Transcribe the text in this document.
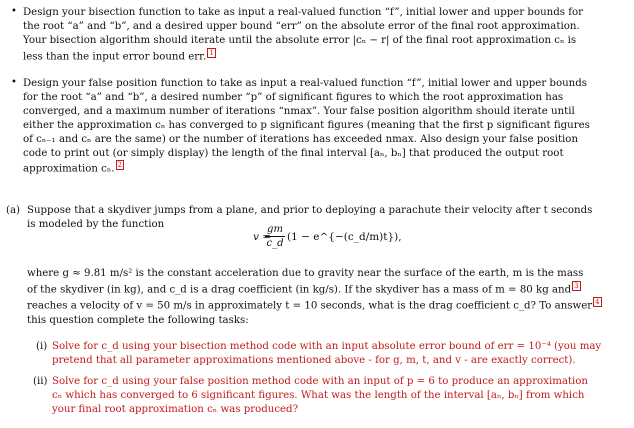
• Design your bisection function to take as input a real-valued function “f”, initial lower and upper bounds for
the root “a” and “b”, and a desired upper bound “err” on the absolute error of the final root approximation.
Your bisection algorithm should iterate until the absolute error |cₙ − r| of the final root approximation cₙ is
less than the input error bound err. 1
• Design your false position function to take as input a real-valued function “f”, initial lower and upper bounds
for the root “a” and “b”, a desired number “p” of significant figures to which the root approximation has
converged, and a maximum number of iterations “nmax”. Your false position algorithm should iterate until
either the approximation cₙ has converged to p significant figures (meaning that the first p significant figures
of cₙ₋₁ and cₙ are the same) or the number of iterations has exceeded nmax. Also design your false position
code to print out (or simply display) the length of the final interval [aₙ, bₙ] that produced the output root
approximation cₙ. 2
(a) Suppose that a skydiver jumps from a plane, and prior to deploying a parachute their velocity after t seconds
is modeled by the function
v =
$\frac{gm}{c\_d} (1$ − e^{−(c_d/m)t}),
where g ≈ 9.81 m/s² is the constant acceleration due to gravity near the surface of the earth, m is the mass
of the skydiver (in kg), and c_d is a drag coefficient (in kg/s). If the skydiver has a mass of m = 80 kg and 3
reaches a velocity of v = 50 m/s in approximately t = 10 seconds, what is the drag coefficient c_d? To answer 4
this question complete the following tasks:
(i) Solve for c_d using your bisection method code with an input absolute error bound of err = 10⁻⁴ (you may
pretend that all parameter approximations mentioned above - for g, m, t, and v - are exactly correct).
(ii) Solve for c_d using your false position method code with an input of p = 6 to produce an approximation
cₙ which has converged to 6 significant figures. What was the length of the interval [aₙ, bₙ] from which
your final root approximation cₙ was produced?
